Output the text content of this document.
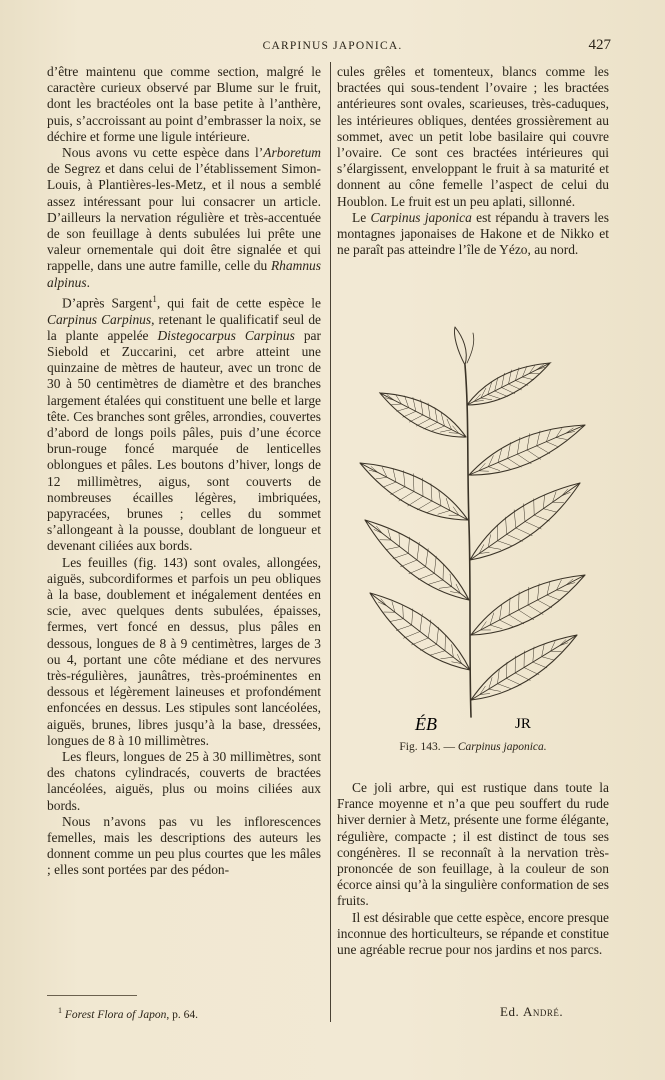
CARPINUS JAPONICA.	427

d’être maintenu que comme section, malgré le caractère curieux observé par Blume sur le fruit, dont les bractéoles ont la base petite à l’anthère, puis, s’accroissant au point d’embrasser la noix, se déchire et forme une ligule intérieure.

Nous avons vu cette espèce dans l’Arboretum de Segrez et dans celui de l’établissement Simon-Louis, à Plantières-les-Metz, et il nous a semblé assez intéressant pour lui consacrer un article. D’ailleurs la nervation régulière et très-accentuée de son feuillage à dents subulées lui prête une valeur ornementale qui doit être signalée et qui rappelle, dans une autre famille, celle du Rhamnus alpinus.

D’après Sargent$^1$, qui fait de cette espèce le Carpinus Carpinus, retenant le qualificatif seul de la plante appelée Distegocarpus Carpinus par Siebold et Zuccarini, cet arbre atteint une quinzaine de mètres de hauteur, avec un tronc de 30 à 50 centimètres de diamètre et des branches largement étalées qui constituent une belle et large tête. Ces branches sont grêles, arrondies, couvertes d’abord de longs poils pâles, puis d’une écorce brun-rouge foncé marquée de lenticelles oblongues et pâles. Les boutons d’hiver, longs de 12 millimètres, aigus, sont couverts de nombreuses écailles légères, imbriquées, papyracées, brunes ; celles du sommet s’allongeant à la pousse, doublant de longueur et devenant ciliées aux bords.

Les feuilles (fig. 143) sont ovales, allongées, aiguës, subcordiformes et parfois un peu obliques à la base, doublement et inégalement dentées en scie, avec quelques dents subulées, épaisses, fermes, vert foncé en dessus, plus pâles en dessous, longues de 8 à 9 centimètres, larges de 3 ou 4, portant une côte médiane et des nervures très-régulières, jaunâtres, très-proéminentes en dessous et légèrement laineuses et profondément enfoncées en dessus. Les stipules sont lancéolées, aiguës, brunes, libres jusqu’à la base, dressées, longues de 8 à 10 millimètres.

Les fleurs, longues de 25 à 30 millimètres, sont des chatons cylindracés, couverts de bractées lancéolées, aiguës, plus ou moins ciliées aux bords.

Nous n’avons pas vu les inflorescences femelles, mais les descriptions des auteurs les donnent comme un peu plus courtes que les mâles ; elles sont portées par des pédon-

cules grêles et tomenteux, blancs comme les bractées qui sous-tendent l’ovaire ; les bractées antérieures sont ovales, scarieuses, très-caduques, les intérieures obliques, dentées grossièrement au sommet, avec un petit lobe basilaire qui couvre l’ovaire. Ce sont ces bractées intérieures qui s’élargissent, enveloppant le fruit à sa maturité et donnent au cône femelle l’aspect de celui du Houblon. Le fruit est un peu aplati, sillonné.

Le Carpinus japonica est répandu à travers les montagnes japonaises de Hakone et de Nikko et ne paraît pas atteindre l’île de Yézo, au nord.

ÉB	JR
Fig. 143. — Carpinus japonica.

Ce joli arbre, qui est rustique dans toute la France moyenne et n’a que peu souffert du rude hiver dernier à Metz, présente une forme élégante, régulière, compacte ; il est distinct de tous ses congénères. Il se reconnaît à la nervation très-prononcée de son feuillage, à la couleur de son écorce ainsi qu’à la singulière conformation de ses fruits.

Il est désirable que cette espèce, encore presque inconnue des horticulteurs, se répande et constitue une agréable recrue pour nos jardins et nos parcs.

$^1$ Forest Flora of Japon, p. 64.	Ed. André.
